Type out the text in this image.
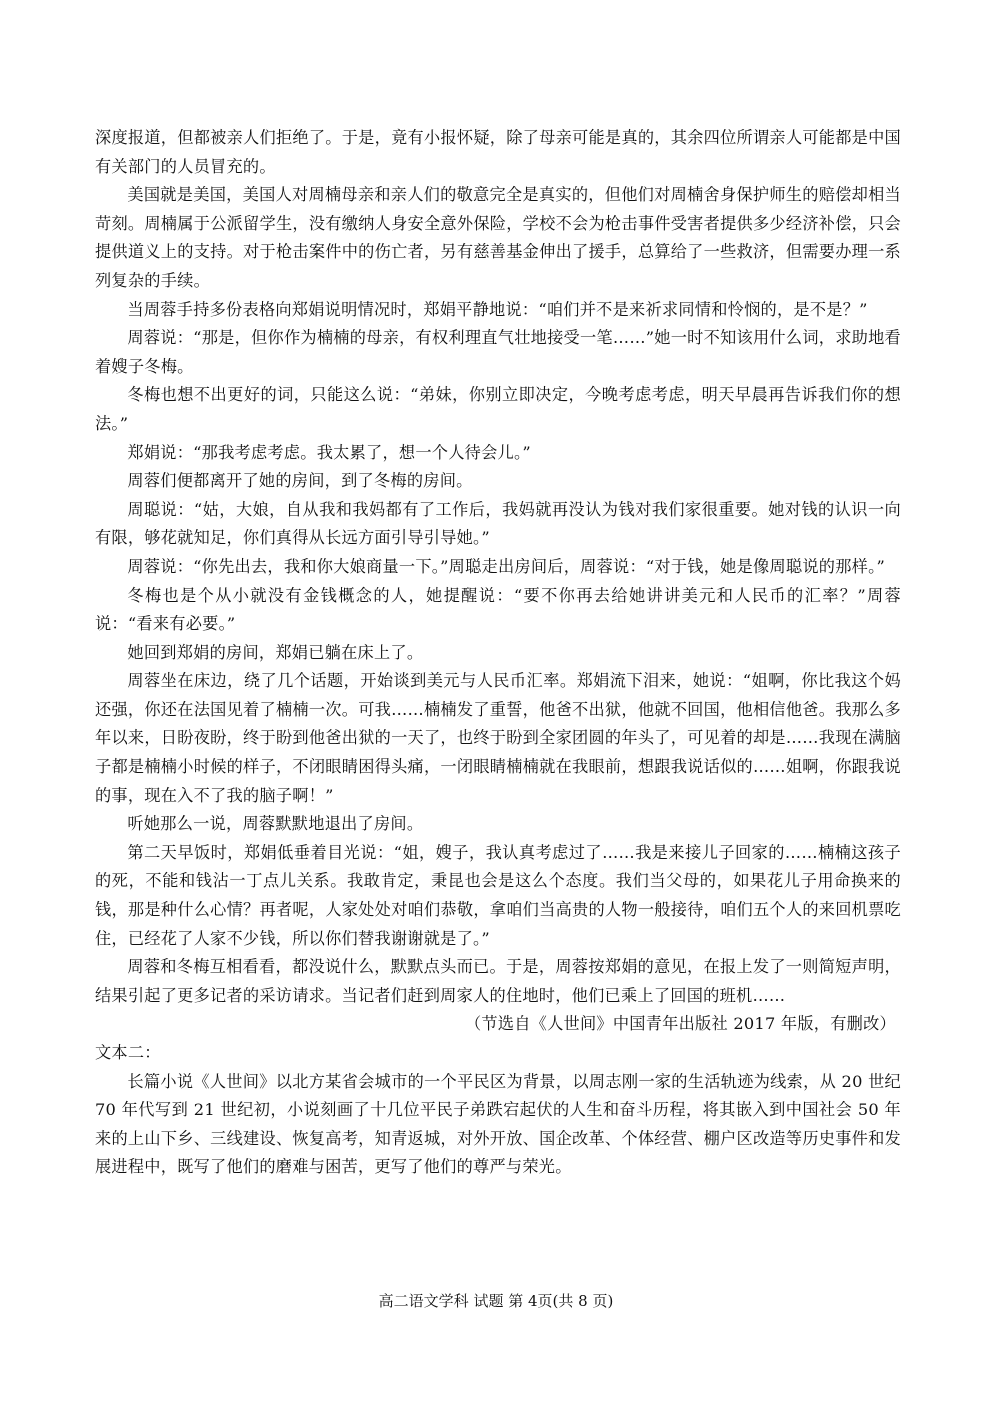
深度报道，但都被亲人们拒绝了。于是，竟有小报怀疑，除了母亲可能是真的，其余四位所谓亲人可能都是中国有关部门的人员冒充的。

美国就是美国，美国人对周楠母亲和亲人们的敬意完全是真实的，但他们对周楠舍身保护师生的赔偿却相当苛刻。周楠属于公派留学生，没有缴纳人身安全意外保险，学校不会为枪击事件受害者提供多少经济补偿，只会提供道义上的支持。对于枪击案件中的伤亡者，另有慈善基金伸出了援手，总算给了一些救济，但需要办理一系列复杂的手续。

当周蓉手持多份表格向郑娟说明情况时，郑娟平静地说：“咱们并不是来祈求同情和怜悯的，是不是？”

周蓉说：“那是，但你作为楠楠的母亲，有权利理直气壮地接受一笔……”她一时不知该用什么词，求助地看着嫂子冬梅。

冬梅也想不出更好的词，只能这么说：“弟妹，你别立即决定，今晚考虑考虑，明天早晨再告诉我们你的想法。”

郑娟说：“那我考虑考虑。我太累了，想一个人待会儿。”

周蓉们便都离开了她的房间，到了冬梅的房间。

周聪说：“姑，大娘，自从我和我妈都有了工作后，我妈就再没认为钱对我们家很重要。她对钱的认识一向有限，够花就知足，你们真得从长远方面引导引导她。”

周蓉说：“你先出去，我和你大娘商量一下。”周聪走出房间后，周蓉说：“对于钱，她是像周聪说的那样。”

冬梅也是个从小就没有金钱概念的人，她提醒说：“要不你再去给她讲讲美元和人民币的汇率？”周蓉说：“看来有必要。”

她回到郑娟的房间，郑娟已躺在床上了。

周蓉坐在床边，绕了几个话题，开始谈到美元与人民币汇率。郑娟流下泪来，她说：“姐啊，你比我这个妈还强，你还在法国见着了楠楠一次。可我……楠楠发了重誓，他爸不出狱，他就不回国，他相信他爸。我那么多年以来，日盼夜盼，终于盼到他爸出狱的一天了，也终于盼到全家团圆的年头了，可见着的却是……我现在满脑子都是楠楠小时候的样子，不闭眼睛困得头痛，一闭眼睛楠楠就在我眼前，想跟我说话似的……姐啊，你跟我说的事，现在入不了我的脑子啊！”

听她那么一说，周蓉默默地退出了房间。

第二天早饭时，郑娟低垂着目光说：“姐，嫂子，我认真考虑过了……我是来接儿子回家的……楠楠这孩子的死，不能和钱沾一丁点儿关系。我敢肯定，秉昆也会是这么个态度。我们当父母的，如果花儿子用命换来的钱，那是种什么心情？再者呢，人家处处对咱们恭敬，拿咱们当高贵的人物一般接待，咱们五个人的来回机票吃住，已经花了人家不少钱，所以你们替我谢谢就是了。”

周蓉和冬梅互相看看，都没说什么，默默点头而已。于是，周蓉按郑娟的意见，在报上发了一则简短声明，结果引起了更多记者的采访请求。当记者们赶到周家人的住地时，他们已乘上了回国的班机……

（节选自《人世间》中国青年出版社 2017 年版，有删改）

文本二：

长篇小说《人世间》以北方某省会城市的一个平民区为背景，以周志刚一家的生活轨迹为线索，从 20 世纪 70 年代写到 21 世纪初，小说刻画了十几位平民子弟跌宕起伏的人生和奋斗历程，将其嵌入到中国社会 50 年来的上山下乡、三线建设、恢复高考，知青返城，对外开放、国企改革、个体经营、棚户区改造等历史事件和发展进程中，既写了他们的磨难与困苦，更写了他们的尊严与荣光。

高二语文学科 试题 第 4页(共 8 页)
